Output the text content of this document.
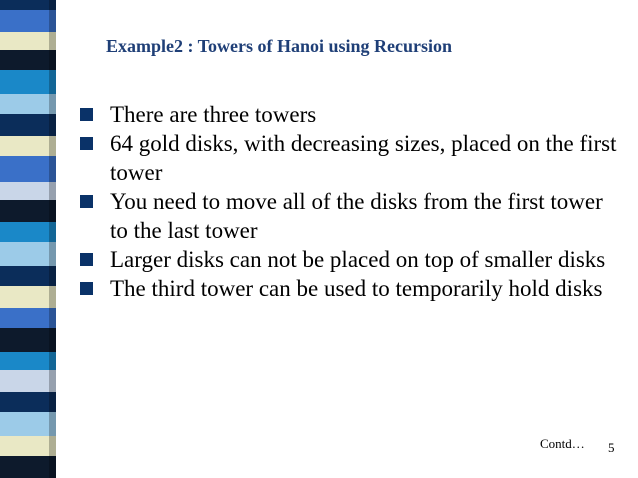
Example2 : Towers of Hanoi using Recursion
There are three towers
64 gold disks, with decreasing sizes, placed on the first tower
You need to move all of the disks from the first tower to the last tower
Larger disks can not be placed on top of smaller disks
The third tower can be used to temporarily hold disks
Contd… 5
